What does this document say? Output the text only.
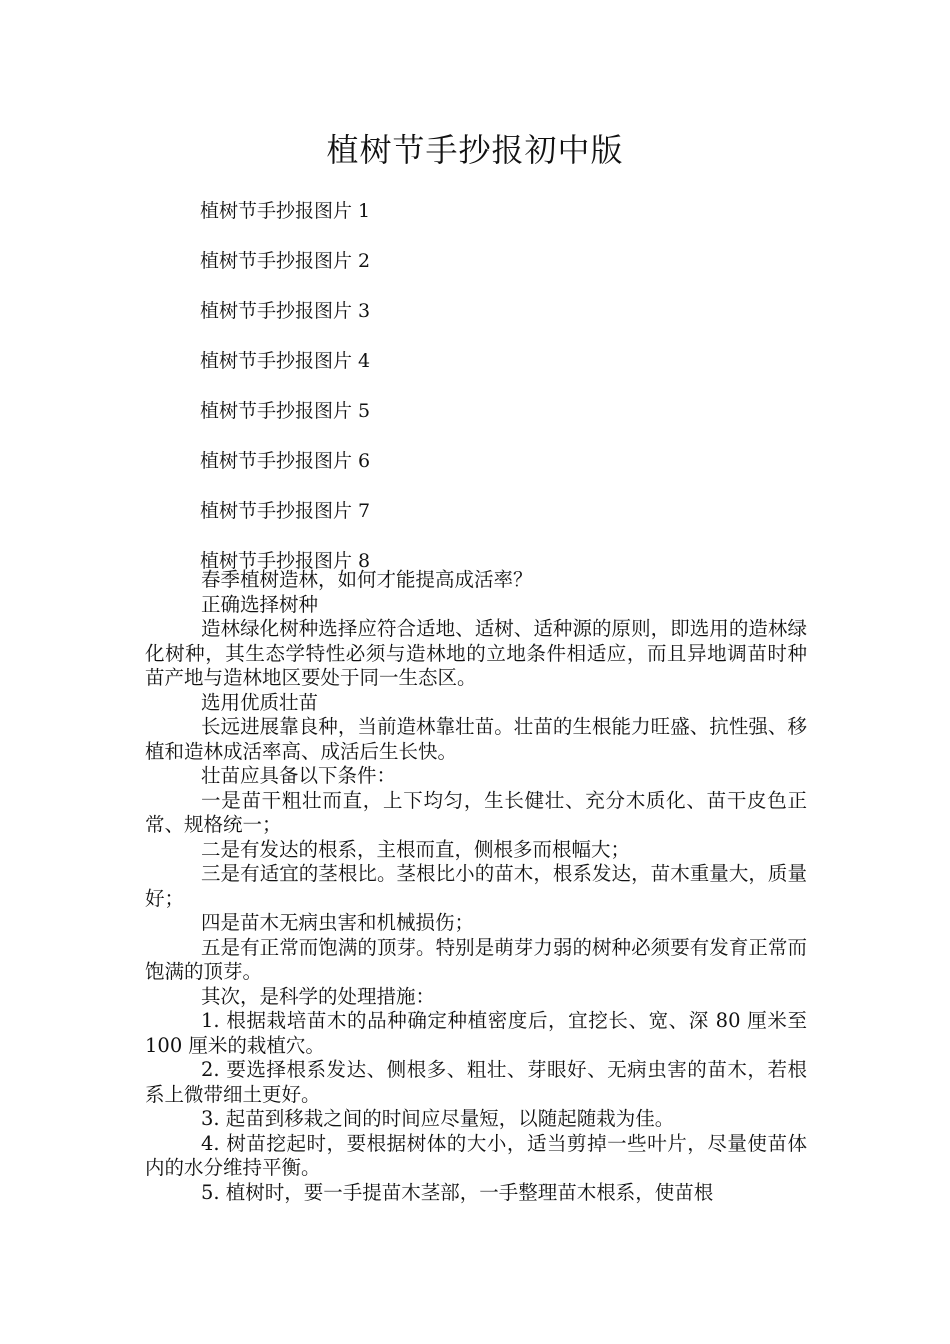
植树节手抄报初中版
植树节手抄报图片 1
植树节手抄报图片 2
植树节手抄报图片 3
植树节手抄报图片 4
植树节手抄报图片 5
植树节手抄报图片 6
植树节手抄报图片 7
植树节手抄报图片 8

春季植树造林，如何才能提高成活率？

正确选择树种

造林绿化树种选择应符合适地、适树、适种源的原则，即选用的造林绿化树种，其生态学特性必须与造林地的立地条件相适应，而且异地调苗时种苗产地与造林地区要处于同一生态区。

选用优质壮苗

长远进展靠良种，当前造林靠壮苗。壮苗的生根能力旺盛、抗性强、移植和造林成活率高、成活后生长快。

壮苗应具备以下条件：

一是苗干粗壮而直，上下均匀，生长健壮、充分木质化、苗干皮色正常、规格统一；

二是有发达的根系，主根而直，侧根多而根幅大；

三是有适宜的茎根比。茎根比小的苗木，根系发达，苗木重量大，质量好；

四是苗木无病虫害和机械损伤；

五是有正常而饱满的顶芽。特别是萌芽力弱的树种必须要有发育正常而饱满的顶芽。

其次，是科学的处理措施：

1. 根据栽培苗木的品种确定种植密度后，宜挖长、宽、深 80 厘米至 100 厘米的栽植穴。

2. 要选择根系发达、侧根多、粗壮、芽眼好、无病虫害的苗木，若根系上微带细土更好。

3. 起苗到移栽之间的时间应尽量短，以随起随栽为佳。

4. 树苗挖起时，要根据树体的大小，适当剪掉一些叶片，尽量使苗体内的水分维持平衡。

5. 植树时，要一手提苗木茎部，一手整理苗木根系，使苗根
